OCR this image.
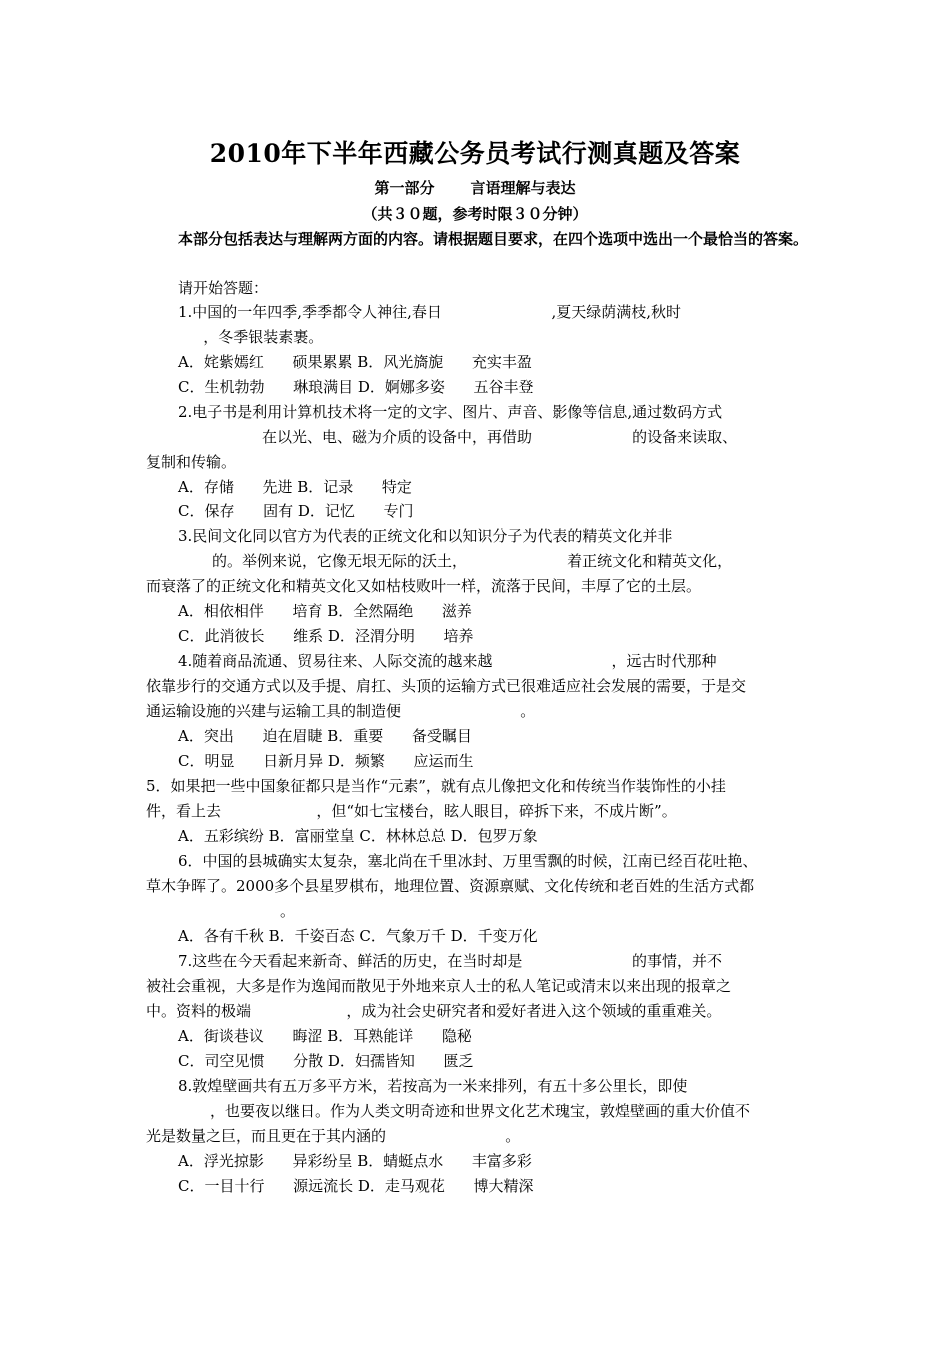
2010年下半年西藏公务员考试行测真题及答案

第一部分 言语理解与表达

（共３０题，参考时限３０分钟）

本部分包括表达与理解两方面的内容。请根据题目要求，在四个选项中选出一个最恰当的答案。

请开始答题：

1.中国的一年四季,季季都令人神往,春日                       ,夏天绿荫满枝,秋时

，冬季银装素裹。

A．姹紫嫣红      硕果累累 B．风光旖旎      充实丰盈

C．生机勃勃      琳琅满目 D．婀娜多姿      五谷丰登

2.电子书是利用计算机技术将一定的文字、图片、声音、影像等信息,通过数码方式

在以光、电、磁为介质的设备中，再借助                     的设备来读取、

复制和传输。

A．存储      先进 B．记录      特定

C．保存      固有 D．记忆      专门

3.民间文化同以官方为代表的正统文化和以知识分子为代表的精英文化并非

的。举例来说，它像无垠无际的沃土，                     着正统文化和精英文化，

而衰落了的正统文化和精英文化又如枯枝败叶一样，流落于民间，丰厚了它的土层。

A．相依相伴      培育 B．全然隔绝      滋养

C．此消彼长      维系 D．泾渭分明      培养

4.随着商品流通、贸易往来、人际交流的越来越                         ，远古时代那种

依靠步行的交通方式以及手提、肩扛、头顶的运输方式已很难适应社会发展的需要，于是交

通运输设施的兴建与运输工具的制造便                         。

A．突出      迫在眉睫 B．重要      备受瞩目

C．明显      日新月异 D．频繁      应运而生

5．如果把一些中国象征都只是当作“元素”，就有点儿像把文化和传统当作装饰性的小挂

件，看上去                    ，但“如七宝楼台，眩人眼目，碎拆下来，不成片断”。

A．五彩缤纷 B．富丽堂皇 C．林林总总 D．包罗万象

6．中国的县城确实太复杂，塞北尚在千里冰封、万里雪飘的时候，江南已经百花吐艳、

草木争晖了。2000多个县星罗棋布，地理位置、资源禀赋、文化传统和老百姓的生活方式都

。

A．各有千秋 B．千姿百态 C．气象万千 D．千变万化

7.这些在今天看起来新奇、鲜活的历史，在当时却是                       的事情，并不

被社会重视，大多是作为逸闻而散见于外地来京人士的私人笔记或清末以来出现的报章之

中。资料的极端                    ，成为社会史研究者和爱好者进入这个领域的重重难关。

A．街谈巷议      晦涩 B．耳熟能详      隐秘

C．司空见惯      分散 D．妇孺皆知      匮乏

8.敦煌壁画共有五万多平方米，若按高为一米来排列，有五十多公里长，即使

，也要夜以继日。作为人类文明奇迹和世界文化艺术瑰宝，敦煌壁画的重大价值不

光是数量之巨，而且更在于其内涵的                         。

A．浮光掠影      异彩纷呈 B．蜻蜓点水      丰富多彩

C．一目十行      源远流长 D．走马观花      博大精深
